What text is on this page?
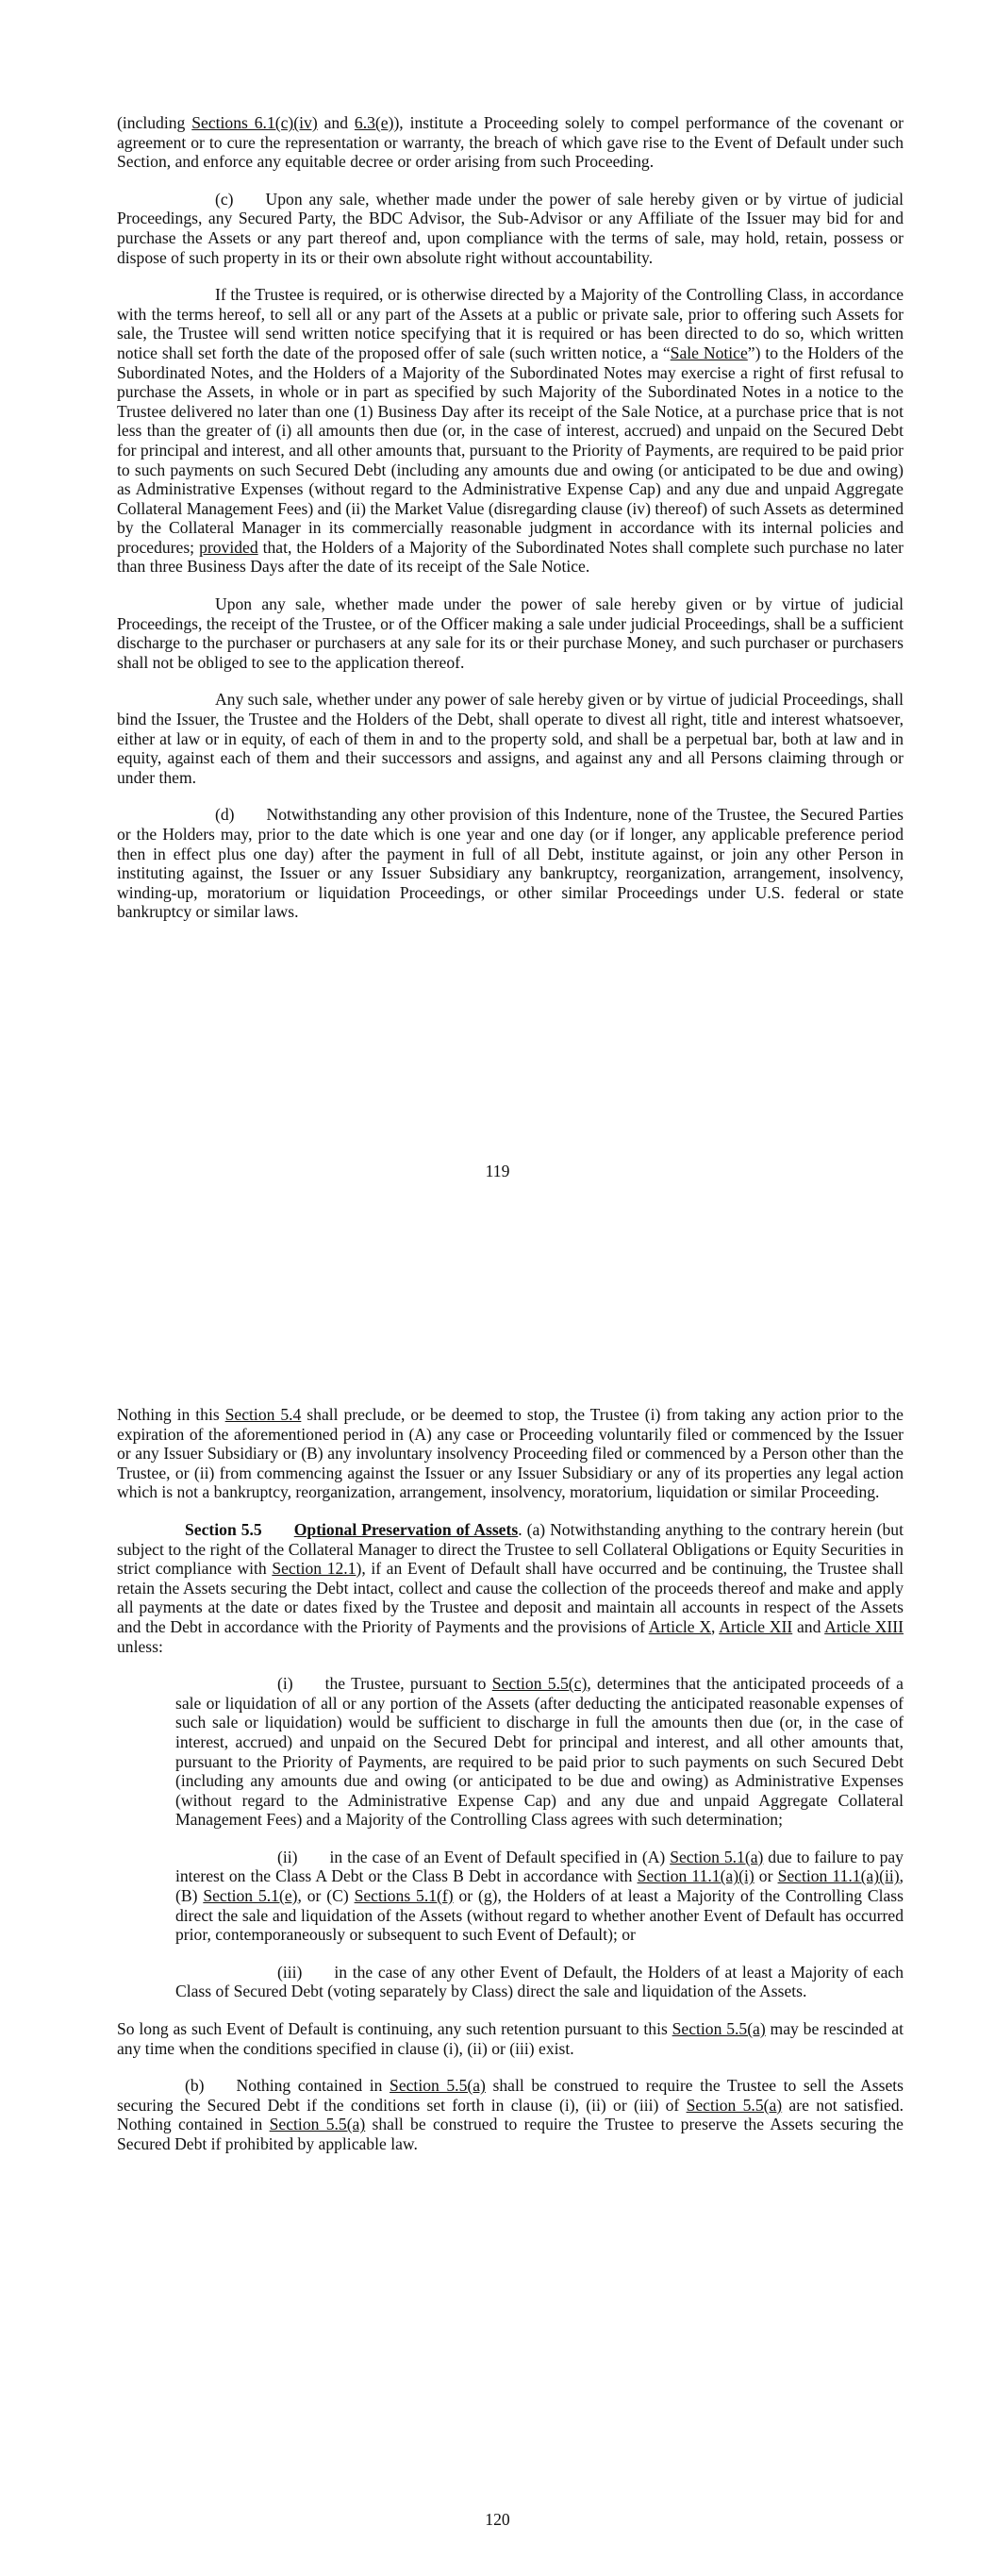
(including Sections 6.1(c)(iv) and 6.3(e)), institute a Proceeding solely to compel performance of the covenant or agreement or to cure the representation or warranty, the breach of which gave rise to the Event of Default under such Section, and enforce any equitable decree or order arising from such Proceeding.

(c) Upon any sale, whether made under the power of sale hereby given or by virtue of judicial Proceedings, any Secured Party, the BDC Advisor, the Sub-Advisor or any Affiliate of the Issuer may bid for and purchase the Assets or any part thereof and, upon compliance with the terms of sale, may hold, retain, possess or dispose of such property in its or their own absolute right without accountability.

If the Trustee is required, or is otherwise directed by a Majority of the Controlling Class, in accordance with the terms hereof, to sell all or any part of the Assets at a public or private sale, prior to offering such Assets for sale, the Trustee will send written notice specifying that it is required or has been directed to do so, which written notice shall set forth the date of the proposed offer of sale (such written notice, a “Sale Notice”) to the Holders of the Subordinated Notes, and the Holders of a Majority of the Subordinated Notes may exercise a right of first refusal to purchase the Assets, in whole or in part as specified by such Majority of the Subordinated Notes in a notice to the Trustee delivered no later than one (1) Business Day after its receipt of the Sale Notice, at a purchase price that is not less than the greater of (i) all amounts then due (or, in the case of interest, accrued) and unpaid on the Secured Debt for principal and interest, and all other amounts that, pursuant to the Priority of Payments, are required to be paid prior to such payments on such Secured Debt (including any amounts due and owing (or anticipated to be due and owing) as Administrative Expenses (without regard to the Administrative Expense Cap) and any due and unpaid Aggregate Collateral Management Fees) and (ii) the Market Value (disregarding clause (iv) thereof) of such Assets as determined by the Collateral Manager in its commercially reasonable judgment in accordance with its internal policies and procedures; provided that, the Holders of a Majority of the Subordinated Notes shall complete such purchase no later than three Business Days after the date of its receipt of the Sale Notice.

Upon any sale, whether made under the power of sale hereby given or by virtue of judicial Proceedings, the receipt of the Trustee, or of the Officer making a sale under judicial Proceedings, shall be a sufficient discharge to the purchaser or purchasers at any sale for its or their purchase Money, and such purchaser or purchasers shall not be obliged to see to the application thereof.

Any such sale, whether under any power of sale hereby given or by virtue of judicial Proceedings, shall bind the Issuer, the Trustee and the Holders of the Debt, shall operate to divest all right, title and interest whatsoever, either at law or in equity, of each of them in and to the property sold, and shall be a perpetual bar, both at law and in equity, against each of them and their successors and assigns, and against any and all Persons claiming through or under them.

(d) Notwithstanding any other provision of this Indenture, none of the Trustee, the Secured Parties or the Holders may, prior to the date which is one year and one day (or if longer, any applicable preference period then in effect plus one day) after the payment in full of all Debt, institute against, or join any other Person in instituting against, the Issuer or any Issuer Subsidiary any bankruptcy, reorganization, arrangement, insolvency, winding-up, moratorium or liquidation Proceedings, or other similar Proceedings under U.S. federal or state bankruptcy or similar laws.

119

Nothing in this Section 5.4 shall preclude, or be deemed to stop, the Trustee (i) from taking any action prior to the expiration of the aforementioned period in (A) any case or Proceeding voluntarily filed or commenced by the Issuer or any Issuer Subsidiary or (B) any involuntary insolvency Proceeding filed or commenced by a Person other than the Trustee, or (ii) from commencing against the Issuer or any Issuer Subsidiary or any of its properties any legal action which is not a bankruptcy, reorganization, arrangement, insolvency, moratorium, liquidation or similar Proceeding.

Section 5.5 Optional Preservation of Assets. (a) Notwithstanding anything to the contrary herein (but subject to the right of the Collateral Manager to direct the Trustee to sell Collateral Obligations or Equity Securities in strict compliance with Section 12.1), if an Event of Default shall have occurred and be continuing, the Trustee shall retain the Assets securing the Debt intact, collect and cause the collection of the proceeds thereof and make and apply all payments at the date or dates fixed by the Trustee and deposit and maintain all accounts in respect of the Assets and the Debt in accordance with the Priority of Payments and the provisions of Article X, Article XII and Article XIII unless:

(i) the Trustee, pursuant to Section 5.5(c), determines that the anticipated proceeds of a sale or liquidation of all or any portion of the Assets (after deducting the anticipated reasonable expenses of such sale or liquidation) would be sufficient to discharge in full the amounts then due (or, in the case of interest, accrued) and unpaid on the Secured Debt for principal and interest, and all other amounts that, pursuant to the Priority of Payments, are required to be paid prior to such payments on such Secured Debt (including any amounts due and owing (or anticipated to be due and owing) as Administrative Expenses (without regard to the Administrative Expense Cap) and any due and unpaid Aggregate Collateral Management Fees) and a Majority of the Controlling Class agrees with such determination;

(ii) in the case of an Event of Default specified in (A) Section 5.1(a) due to failure to pay interest on the Class A Debt or the Class B Debt in accordance with Section 11.1(a)(i) or Section 11.1(a)(ii), (B) Section 5.1(e), or (C) Sections 5.1(f) or (g), the Holders of at least a Majority of the Controlling Class direct the sale and liquidation of the Assets (without regard to whether another Event of Default has occurred prior, contemporaneously or subsequent to such Event of Default); or

(iii) in the case of any other Event of Default, the Holders of at least a Majority of each Class of Secured Debt (voting separately by Class) direct the sale and liquidation of the Assets.

So long as such Event of Default is continuing, any such retention pursuant to this Section 5.5(a) may be rescinded at any time when the conditions specified in clause (i), (ii) or (iii) exist.

(b) Nothing contained in Section 5.5(a) shall be construed to require the Trustee to sell the Assets securing the Secured Debt if the conditions set forth in clause (i), (ii) or (iii) of Section 5.5(a) are not satisfied. Nothing contained in Section 5.5(a) shall be construed to require the Trustee to preserve the Assets securing the Secured Debt if prohibited by applicable law.

120
